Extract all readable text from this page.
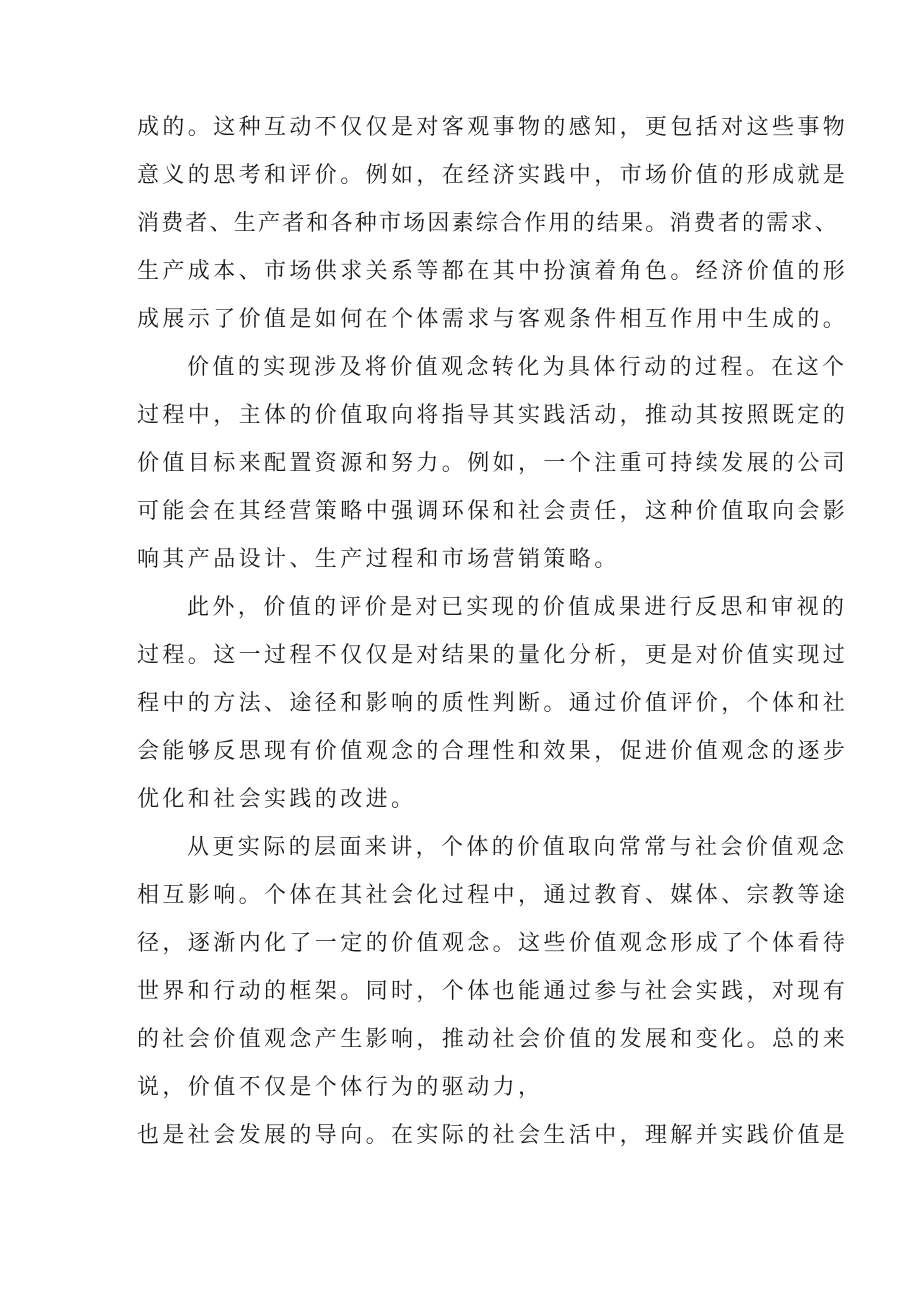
成的。这种互动不仅仅是对客观事物的感知，更包括对这些事物
意义的思考和评价。例如，在经济实践中，市场价值的形成就是
消费者、生产者和各种市场因素综合作用的结果。消费者的需求、
生产成本、市场供求关系等都在其中扮演着角色。经济价值的形
成展示了价值是如何在个体需求与客观条件相互作用中生成的。
价值的实现涉及将价值观念转化为具体行动的过程。在这个
过程中，主体的价值取向将指导其实践活动，推动其按照既定的
价值目标来配置资源和努力。例如，一个注重可持续发展的公司
可能会在其经营策略中强调环保和社会责任，这种价值取向会影
响其产品设计、生产过程和市场营销策略。
此外，价值的评价是对已实现的价值成果进行反思和审视的
过程。这一过程不仅仅是对结果的量化分析，更是对价值实现过
程中的方法、途径和影响的质性判断。通过价值评价，个体和社
会能够反思现有价值观念的合理性和效果，促进价值观念的逐步
优化和社会实践的改进。
从更实际的层面来讲，个体的价值取向常常与社会价值观念
相互影响。个体在其社会化过程中，通过教育、媒体、宗教等途
径，逐渐内化了一定的价值观念。这些价值观念形成了个体看待
世界和行动的框架。同时，个体也能通过参与社会实践，对现有
的社会价值观念产生影响，推动社会价值的发展和变化。总的来
说，价值不仅是个体行为的驱动力，
也是社会发展的导向。在实际的社会生活中，理解并实践价值是
